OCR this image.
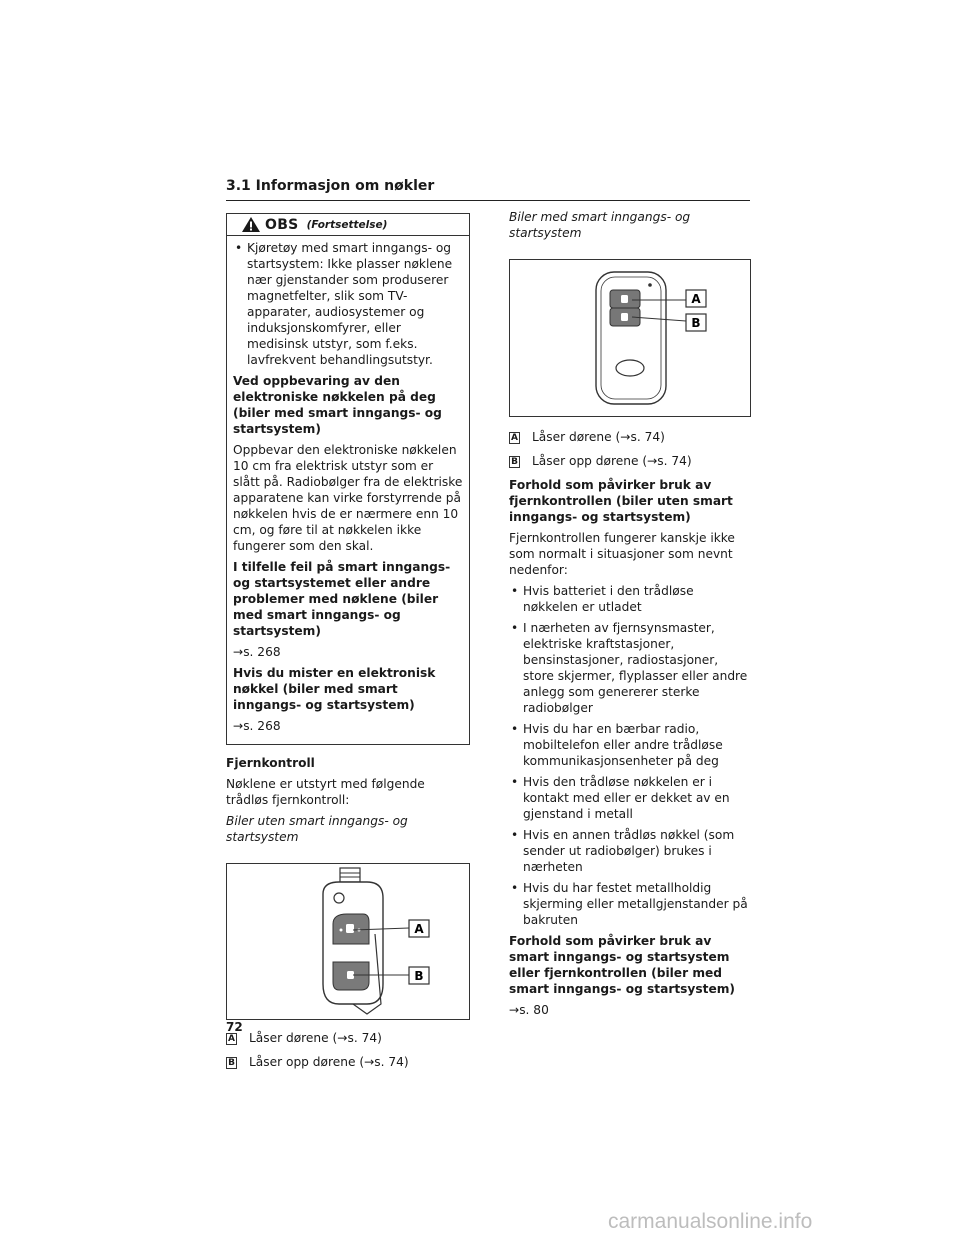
3.1 Informasjon om nøkler
OBS (Fortsettelse)
• Kjøretøy med smart inngangs- og startsystem: Ikke plasser nøklene nær gjenstander som produserer magnetfelter, slik som TV-apparater, audiosystemer og induksjonskomfyrer, eller medisinsk utstyr, som f.eks. lavfrekvent behandlingsutstyr.

Ved oppbevaring av den elektroniske nøkkelen på deg (biler med smart inngangs- og startsystem)

Oppbevar den elektroniske nøkkelen 10 cm fra elektrisk utstyr som er slått på. Radiobølger fra de elektriske apparatene kan virke forstyrrende på nøkkelen hvis de er nærmere enn 10 cm, og føre til at nøkkelen ikke fungerer som den skal.

I tilfelle feil på smart inngangs- og startsystemet eller andre problemer med nøklene (biler med smart inngangs- og startsystem)

→s. 268

Hvis du mister en elektronisk nøkkel (biler med smart inngangs- og startsystem)

→s. 268

Fjernkontroll

Nøklene er utstyrt med følgende trådløs fjernkontroll:

Biler uten smart inngangs- og startsystem

A
B
A Låser dørene (→s. 74)
B Låser opp dørene (→s. 74)

Biler med smart inngangs- og startsystem

A
B
A Låser dørene (→s. 74)
B Låser opp dørene (→s. 74)

Forhold som påvirker bruk av fjernkontrollen (biler uten smart inngangs- og startsystem)

Fjernkontrollen fungerer kanskje ikke som normalt i situasjoner som nevnt nedenfor:

• Hvis batteriet i den trådløse nøkkelen er utladet
• I nærheten av fjernsynsmaster, elektriske kraftstasjoner, bensinstasjoner, radiostasjoner, store skjermer, flyplasser eller andre anlegg som genererer sterke radiobølger
• Hvis du har en bærbar radio, mobiltelefon eller andre trådløse kommunikasjonsenheter på deg
• Hvis den trådløse nøkkelen er i kontakt med eller er dekket av en gjenstand i metall
• Hvis en annen trådløs nøkkel (som sender ut radiobølger) brukes i nærheten
• Hvis du har festet metallholdig skjerming eller metallgjenstander på bakruten

Forhold som påvirker bruk av smart inngangs- og startsystem eller fjernkontrollen (biler med smart inngangs- og startsystem)

→s. 80

72
carmanualsonline.info
